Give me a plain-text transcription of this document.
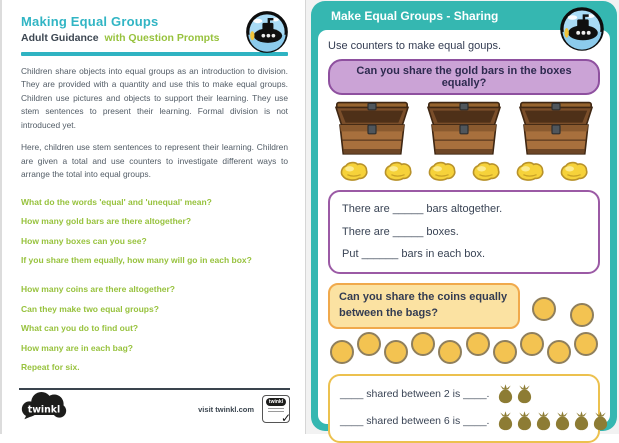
Making Equal Groups
Adult Guidance with Question Prompts

Children share objects into equal groups as an introduction to division. They are provided with a quantity and use this to make equal groups. Children use pictures and objects to support their learning. They use stem sentences to present their learning. Formal division is not introduced yet.

Here, children use stem sentences to represent their learning. Children are given a total and use counters to investigate different ways to arrange the total into equal groups.

What do the words 'equal' and 'unequal' mean?
How many gold bars are there altogether?
How many boxes can you see?
If you share them equally, how many will go in each box?
How many coins are there altogether?
Can they make two equal groups?
What can you do to find out?
How many are in each bag?
Repeat for six.
twinkl	visit twinkl.com
twinkl
✓
Make Equal Groups - Sharing

Use counters to make equal goups.

Can you share the gold bars in the boxes equally?
There are _____ bars altogether.
There are _____ boxes.
Put ______ bars in each box.
Can you share the coins equally between the bags?
____ shared between 2 is ____.
____ shared between 6 is ____.
